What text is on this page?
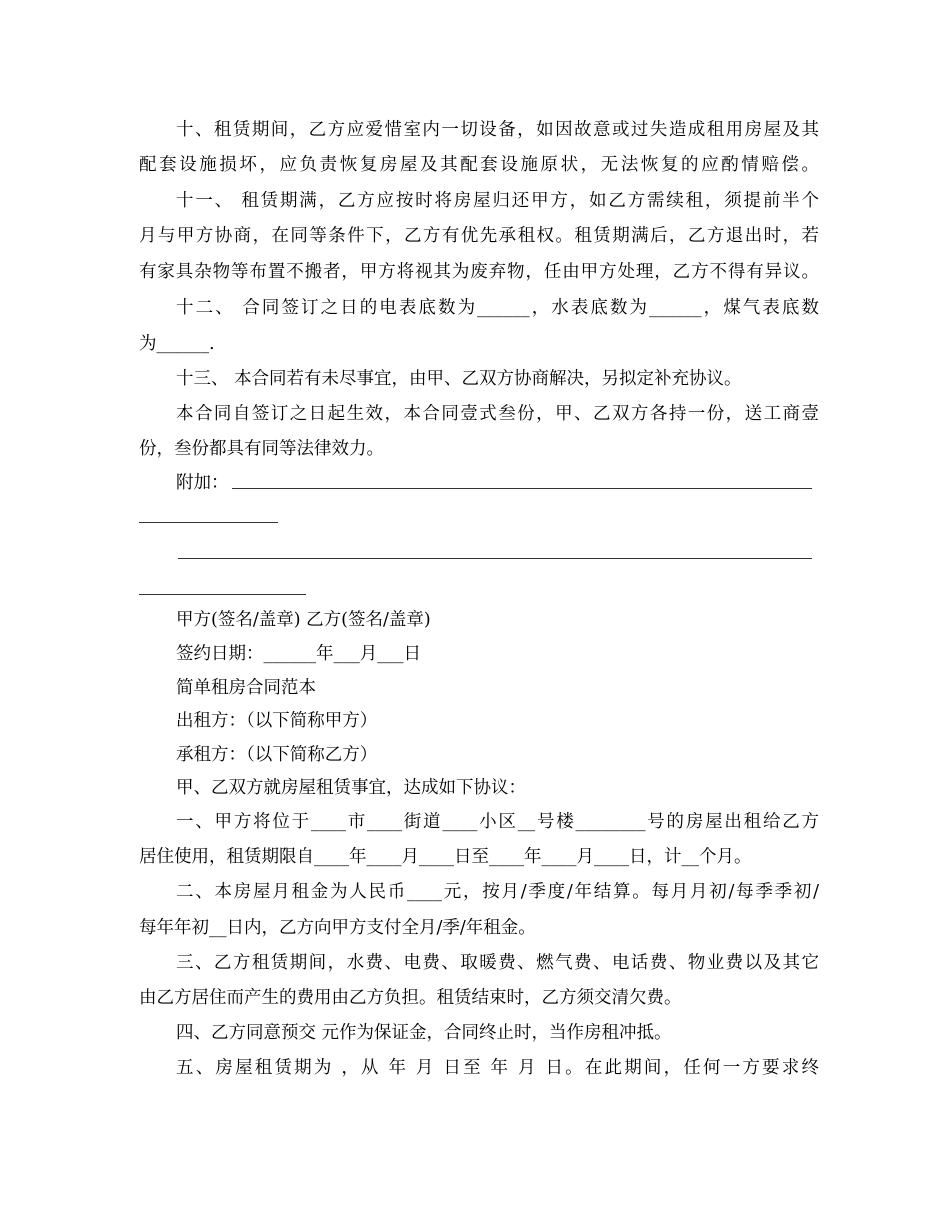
十、租赁期间，乙方应爱惜室内一切设备，如因故意或过失造成租用房屋及其
配套设施损坏，应负责恢复房屋及其配套设施原状，无法恢复的应酌情赔偿。
十一、 租赁期满，乙方应按时将房屋归还甲方，如乙方需续租，须提前半个
月与甲方协商，在同等条件下，乙方有优先承租权。租赁期满后，乙方退出时，若
有家具杂物等布置不搬者，甲方将视其为废弃物，任由甲方处理，乙方不得有异议。
十二、 合同签订之日的电表底数为______，水表底数为______，煤气表底数
为______.
十三、 本合同若有未尽事宜，由甲、乙双方协商解决，另拟定补充协议。
本合同自签订之日起生效，本合同壹式叁份，甲、乙双方各持一份，送工商壹
份，叁份都具有同等法律效力。
附加：
甲方(签名/盖章) 乙方(签名/盖章)
签约日期：______年___月___日
简单租房合同范本
出租方：（以下简称甲方）
承租方：（以下简称乙方）
甲、乙双方就房屋租赁事宜，达成如下协议：
一、甲方将位于____市____街道____小区__号楼________号的房屋出租给乙方
居住使用，租赁期限自____年____月____日至____年____月____日，计__个月。
二、本房屋月租金为人民币____元，按月/季度/年结算。每月月初/每季季初/
每年年初__日内，乙方向甲方支付全月/季/年租金。
三、乙方租赁期间，水费、电费、取暖费、燃气费、电话费、物业费以及其它
由乙方居住而产生的费用由乙方负担。租赁结束时，乙方须交清欠费。
四、乙方同意预交 元作为保证金，合同终止时，当作房租冲抵。
五、房屋租赁期为 ，从 年 月 日至 年 月 日。在此期间，任何一方要求终
